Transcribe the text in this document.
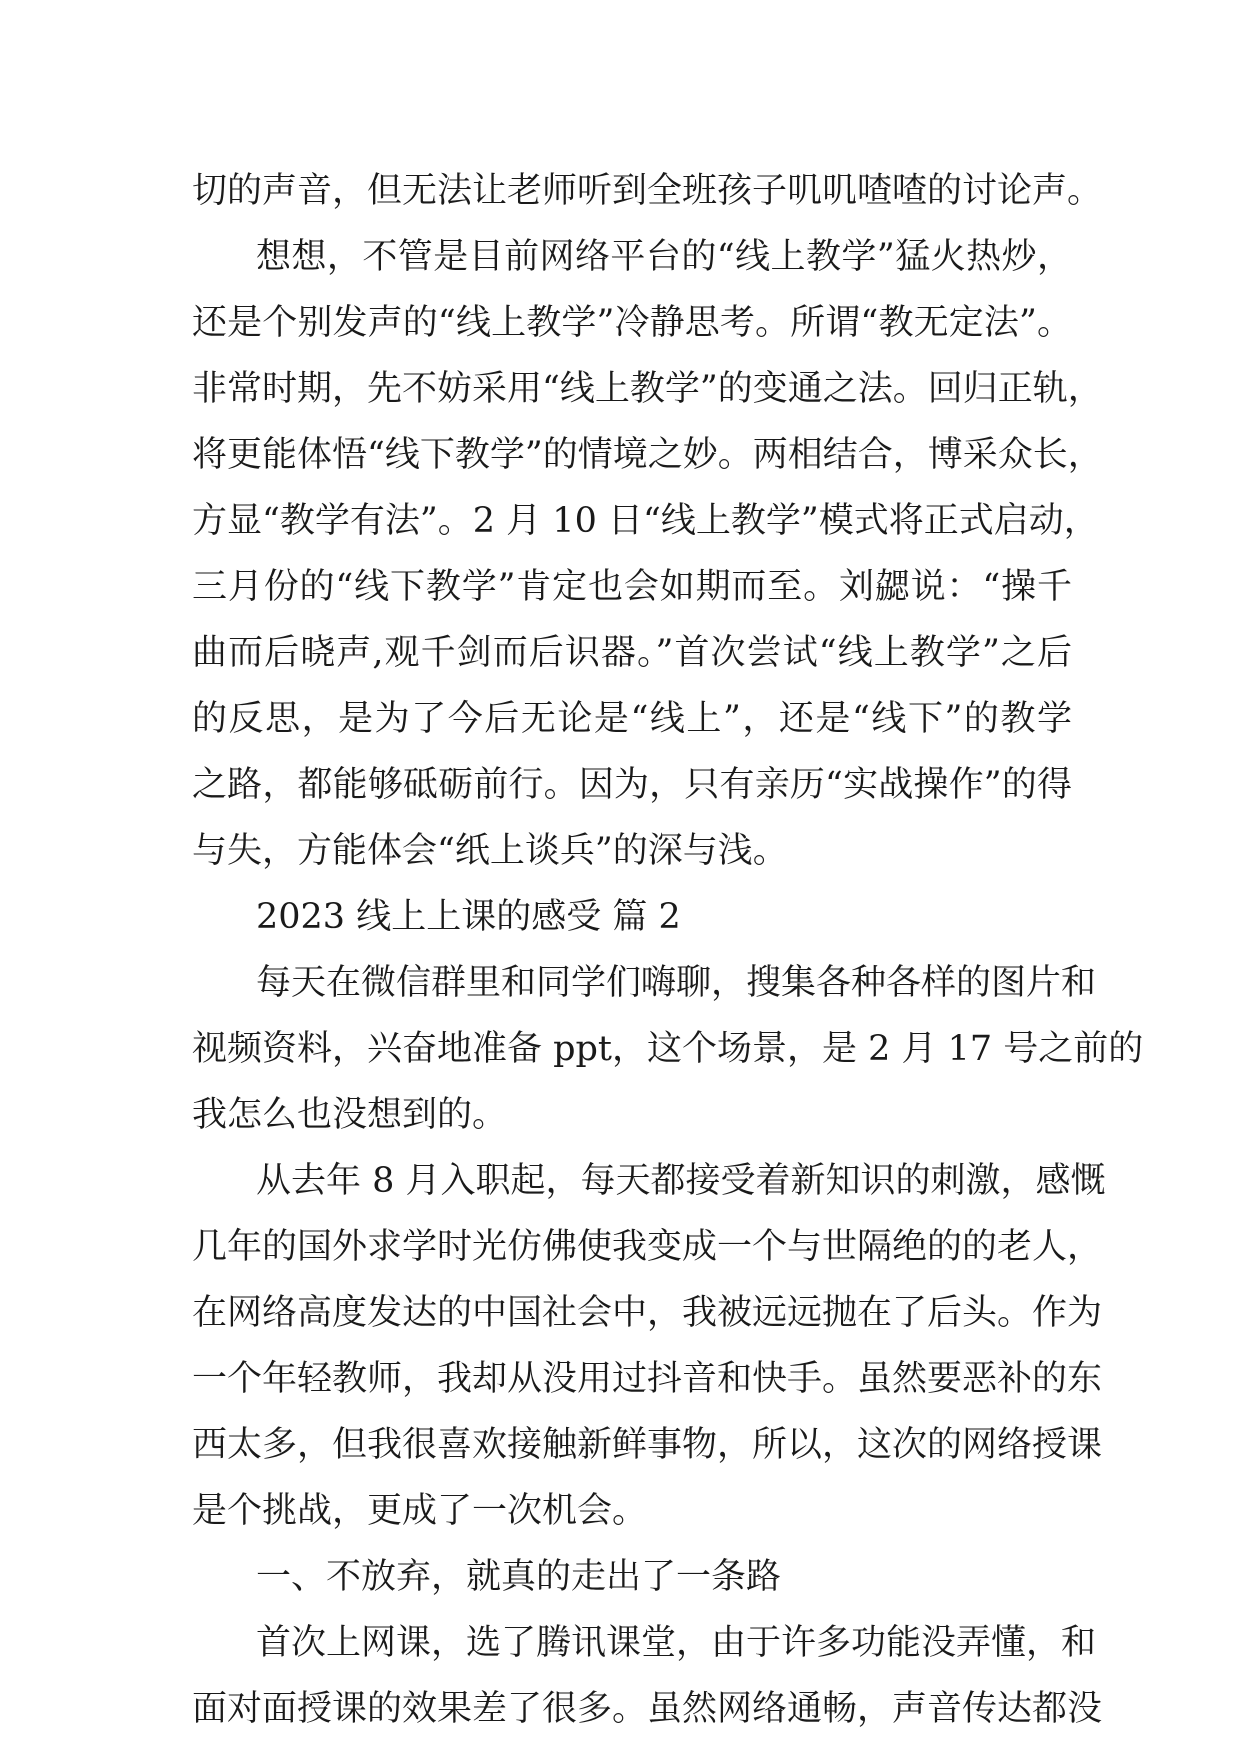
切的声音，但无法让老师听到全班孩子叽叽喳喳的讨论声。
想想，不管是目前网络平台的“线上教学”猛火热炒，
还是个别发声的“线上教学”冷静思考。所谓“教无定法”。
非常时期，先不妨采用“线上教学”的变通之法。回归正轨，
将更能体悟“线下教学”的情境之妙。两相结合，博采众长，
方显“教学有法”。2 月 10 日“线上教学”模式将正式启动，
三月份的“线下教学”肯定也会如期而至。刘勰说：“操千
曲而后晓声,观千剑而后识器。”首次尝试“线上教学”之后
的反思，是为了今后无论是“线上”，还是“线下”的教学
之路，都能够砥砺前行。因为，只有亲历“实战操作”的得
与失，方能体会“纸上谈兵”的深与浅。
2023 线上上课的感受 篇 2
每天在微信群里和同学们嗨聊，搜集各种各样的图片和
视频资料，兴奋地准备 ppt，这个场景，是 2 月 17 号之前的
我怎么也没想到的。
从去年 8 月入职起，每天都接受着新知识的刺激，感慨
几年的国外求学时光仿佛使我变成一个与世隔绝的的老人，
在网络高度发达的中国社会中，我被远远抛在了后头。作为
一个年轻教师，我却从没用过抖音和快手。虽然要恶补的东
西太多，但我很喜欢接触新鲜事物，所以，这次的网络授课
是个挑战，更成了一次机会。
一、不放弃，就真的走出了一条路
首次上网课，选了腾讯课堂，由于许多功能没弄懂，和
面对面授课的效果差了很多。虽然网络通畅，声音传达都没
